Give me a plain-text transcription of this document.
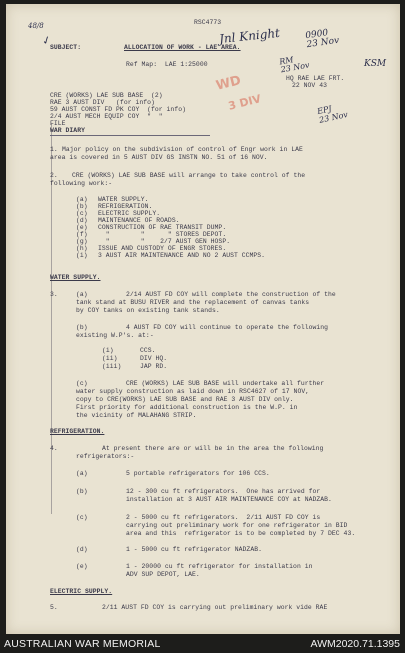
48/8	Jnl Knight	0900
23 Nov
KSM
RM
23 Nov
EPJ
23 Nov
✓
WD
3 DIV
RSC4773
SUBJECT:	ALLOCATION OF WORK - LAE AREA.
Ref Map:  LAE 1:25000
CRE (WORKS) LAE SUB BASE  (2)
RAE 3 AUST DIV   (for info)
59 AUST CONST FD PK COY  (for info)
2/4 AUST MECH EQUIP COY  "  "
FILE
WAR DIARY
HQ RAE LAE FRT.
22 NOV 43
1. Major policy on the subdivision of control of Engr work in LAE
area is covered in 5 AUST DIV GS INSTN NO. 51 of 16 NOV.
2. CRE (WORKS) LAE SUB BASE will arrange to take control of the
following work:-
(a) WATER SUPPLY.
(b) REFRIGERATION.
(c) ELECTRIC SUPPLY.
(d) MAINTENANCE OF ROADS.
(e) CONSTRUCTION OF RAE TRANSIT DUMP.
(f) "        "      " STORES DEPOT.
(g) "        "    2/7 AUST GEN HOSP.
(h) ISSUE AND CUSTODY OF ENGR STORES.
(i) 3 AUST AIR MAINTENANCE AND NO 2 AUST CCMPS.
WATER SUPPLY.
3.	(a)	2/14 AUST FD COY will complete the construction of the
tank stand at BUSU RIVER and the replacement of canvas tanks
by COY tanks on existing tank stands.
(b)	4 AUST FD COY will continue to operate the following
existing W.P's. at:-
(i)	CCS.
(ii)	DIV HQ.
(iii)	JAP RD.
(c)	CRE (WORKS) LAE SUB BASE will undertake all further
water supply construction as laid down in RSC4627 of 17 NOV,
copy to CRE(WORKS) LAE SUB BASE and RAE 3 AUST DIV only.
First priority for additional construction is the W.P. in
the vicinity of MALAHANG STRIP.
REFRIGERATION.
4.	At present there are or will be in the area the following
refrigerators:-
(a)	5 portable refrigerators for 106 CCS.
(b)	12 - 300 cu ft refrigerators.  One has arrived for
installation at 3 AUST AIR MAINTENANCE COY at NADZAB.
(c)	2 - 5000 cu ft refrigerators.  2/11 AUST FD COY is
carrying out preliminary work for one refrigerator in BID
area and this  refrigerator is to be completed by 7 DEC 43.
(d)	1 - 5000 cu ft refrigerator NADZAB.
(e)	1 - 20000 cu ft refrigerator for installation in
ADV SUP DEPOT, LAE.
ELECTRIC SUPPLY.
5.	2/11 AUST FD COY is carrying out preliminary work vide RAE
AUSTRALIAN WAR MEMORIAL	AWM2020.71.1395
